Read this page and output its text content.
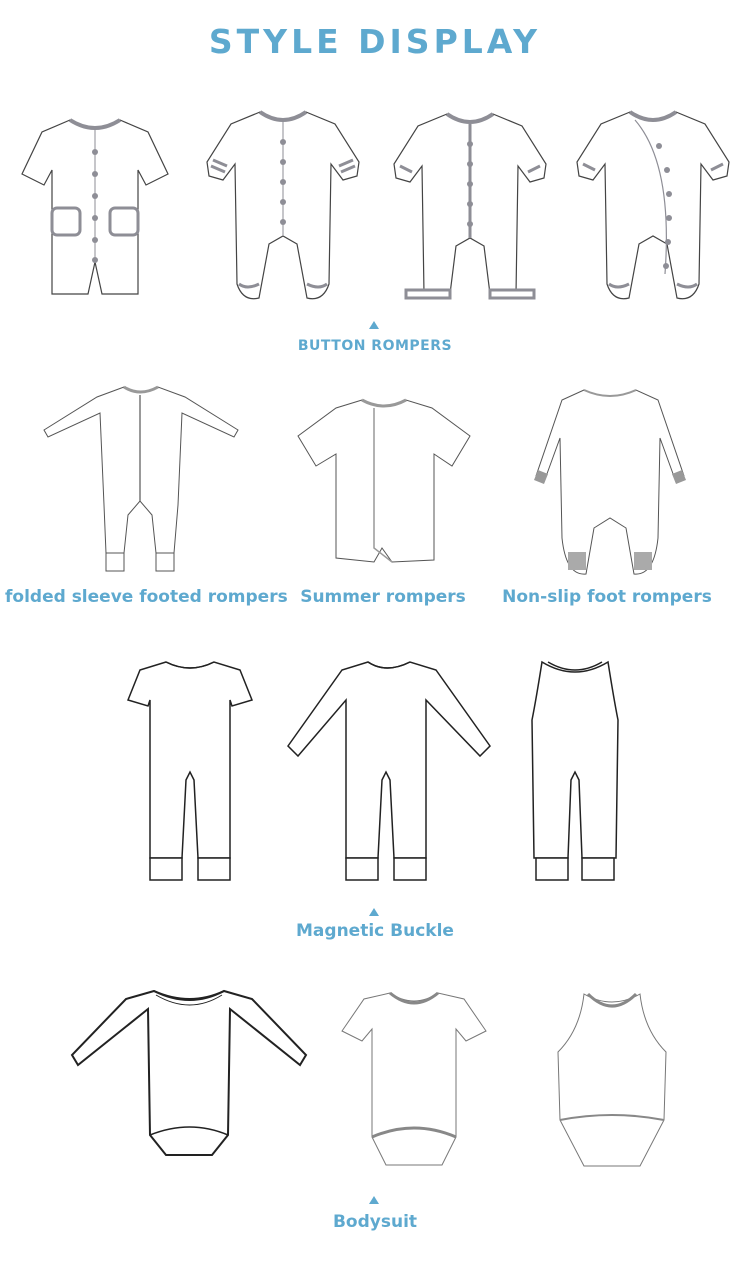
STYLE DISPLAY
BUTTON ROMPERS
folded sleeve footed rompers Summer rompers Non-slip foot rompers
Magnetic Buckle
Bodysuit
